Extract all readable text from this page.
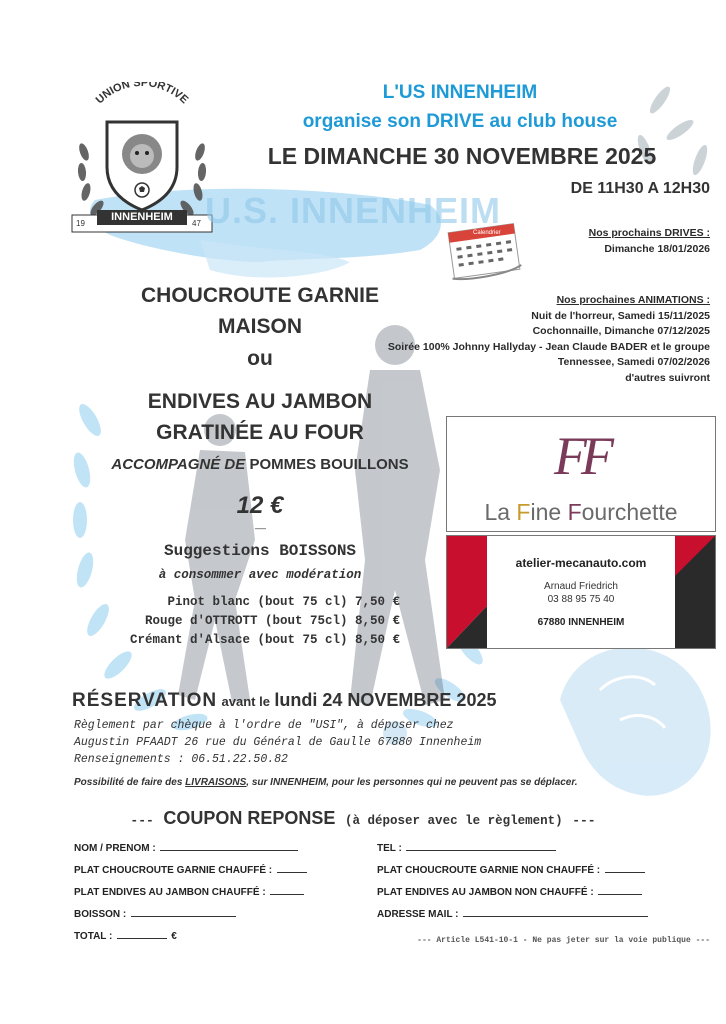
UNION SPORTIVE
INNENHEIM
19	47 U.S. INNENHEIM
L'US INNENHEIM
organise son DRIVE au club house
LE DIMANCHE 30 NOVEMBRE 2025
DE 11H30 A 12H30
Calendrier	Nos prochains DRIVES :
Dimanche 18/01/2026
Nos prochaines ANIMATIONS :
Nuit de l'horreur, Samedi 15/11/2025
Cochonnaille, Dimanche 07/12/2025
Soirée 100% Johnny Hallyday - Jean Claude BADER et le groupe
Tennessee, Samedi 07/02/2026
d'autres suivront
CHOUCROUTE GARNIE
MAISON
ou
ENDIVES AU JAMBON
GRATINÉE AU FOUR
ACCOMPAGNÉ DE POMMES BOUILLONS
12 €
--------
Suggestions BOISSONS
à consommer avec modération
Pinot blanc (bout 75 cl) 7,50 €
Rouge d'OTTROTT (bout 75cl) 8,50 €
Crémant d'Alsace (bout 75 cl) 8,50 €
FF
La Fine Fourchette
atelier-mecanauto.com
Arnaud Friedrich
03 88 95 75 40
67880 INNENHEIM
RÉSERVATION avant le lundi 24 NOVEMBRE 2025
Règlement par chèque à l'ordre de "USI", à déposer chez
Augustin PFAADT 26 rue du Général de Gaulle 67880 Innenheim
Renseignements : 06.51.22.50.82
Possibilité de faire des LIVRAISONS, sur INNENHEIM, pour les personnes qui ne peuvent pas se déplacer.
--- COUPON REPONSE (à déposer avec le règlement) ---
NOM / PRENOM :
PLAT CHOUCROUTE GARNIE CHAUFFÉ :
PLAT ENDIVES AU JAMBON CHAUFFÉ :
BOISSON :
TOTAL :	€
TEL :
PLAT CHOUCROUTE GARNIE NON CHAUFFÉ :
PLAT ENDIVES AU JAMBON NON CHAUFFÉ :
ADRESSE MAIL :
--- Article L541-10-1 - Ne pas jeter sur la voie publique ---
